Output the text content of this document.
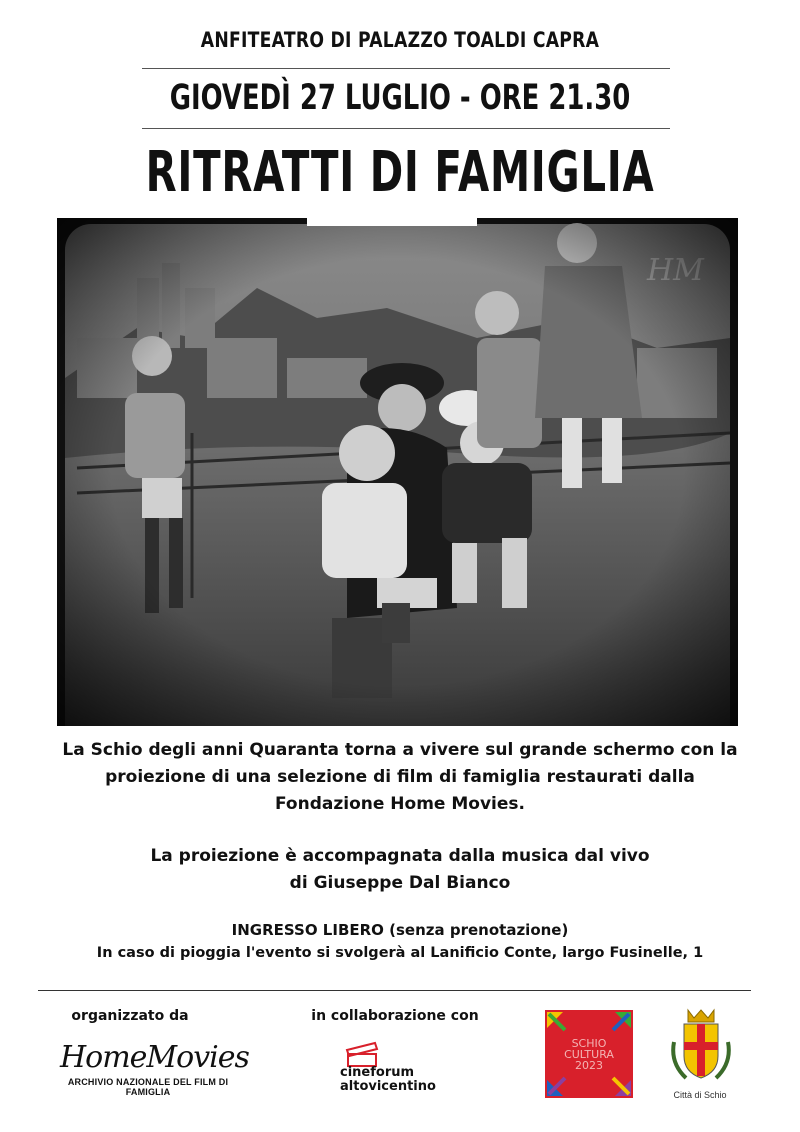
ANFITEATRO DI PALAZZO TOALDI CAPRA
GIOVEDÌ 27 LUGLIO - ORE 21.30
RITRATTI DI FAMIGLIA
La Schio degli anni Quaranta torna a vivere sul grande schermo con la
proiezione di una selezione di film di famiglia restaurati dalla
Fondazione Home Movies.
La proiezione è accompagnata dalla musica dal vivo
di Giuseppe Dal Bianco
INGRESSO LIBERO (senza prenotazione)
In caso di pioggia l'evento si svolgerà al Lanificio Conte, largo Fusinelle, 1
organizzato da	in collaborazione con
HomeMovies
ARCHIVIO NAZIONALE DEL FILM DI FAMIGLIA
cineforum
altovicentino
SCHIO
CULTURA
2023
Città di Schio
